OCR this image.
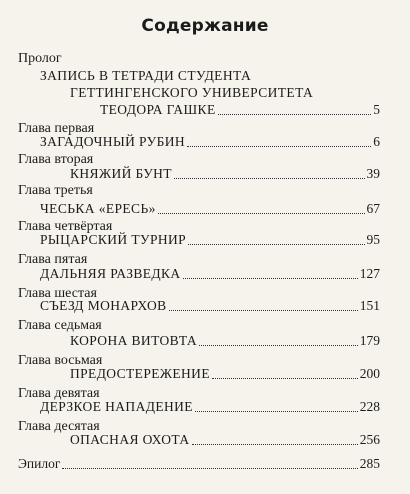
Содержание
Пролог
ЗАПИСЬ В ТЕТРАДИ СТУДЕНТА
ГЕТТИНГЕНСКОГО УНИВЕРСИТЕТА
ТЕОДОРА ГАШКЕ	5
Глава первая
ЗАГАДОЧНЫЙ РУБИН	6
Глава вторая
КНЯЖИЙ БУНТ	39
Глава третья
ЧЕСЬКА «ЕРЕСЬ»	67
Глава четвёртая
РЫЦАРСКИЙ ТУРНИР	95
Глава пятая
ДАЛЬНЯЯ РАЗВЕДКА	127
Глава шестая
СЪЕЗД МОНАРХОВ	151
Глава седьмая
КОРОНА ВИТОВТА	179
Глава восьмая
ПРЕДОСТЕРЕЖЕНИЕ	200
Глава девятая
ДЕРЗКОЕ НАПАДЕНИЕ	228
Глава десятая
ОПАСНАЯ ОХОТА	256
Эпилог	285
